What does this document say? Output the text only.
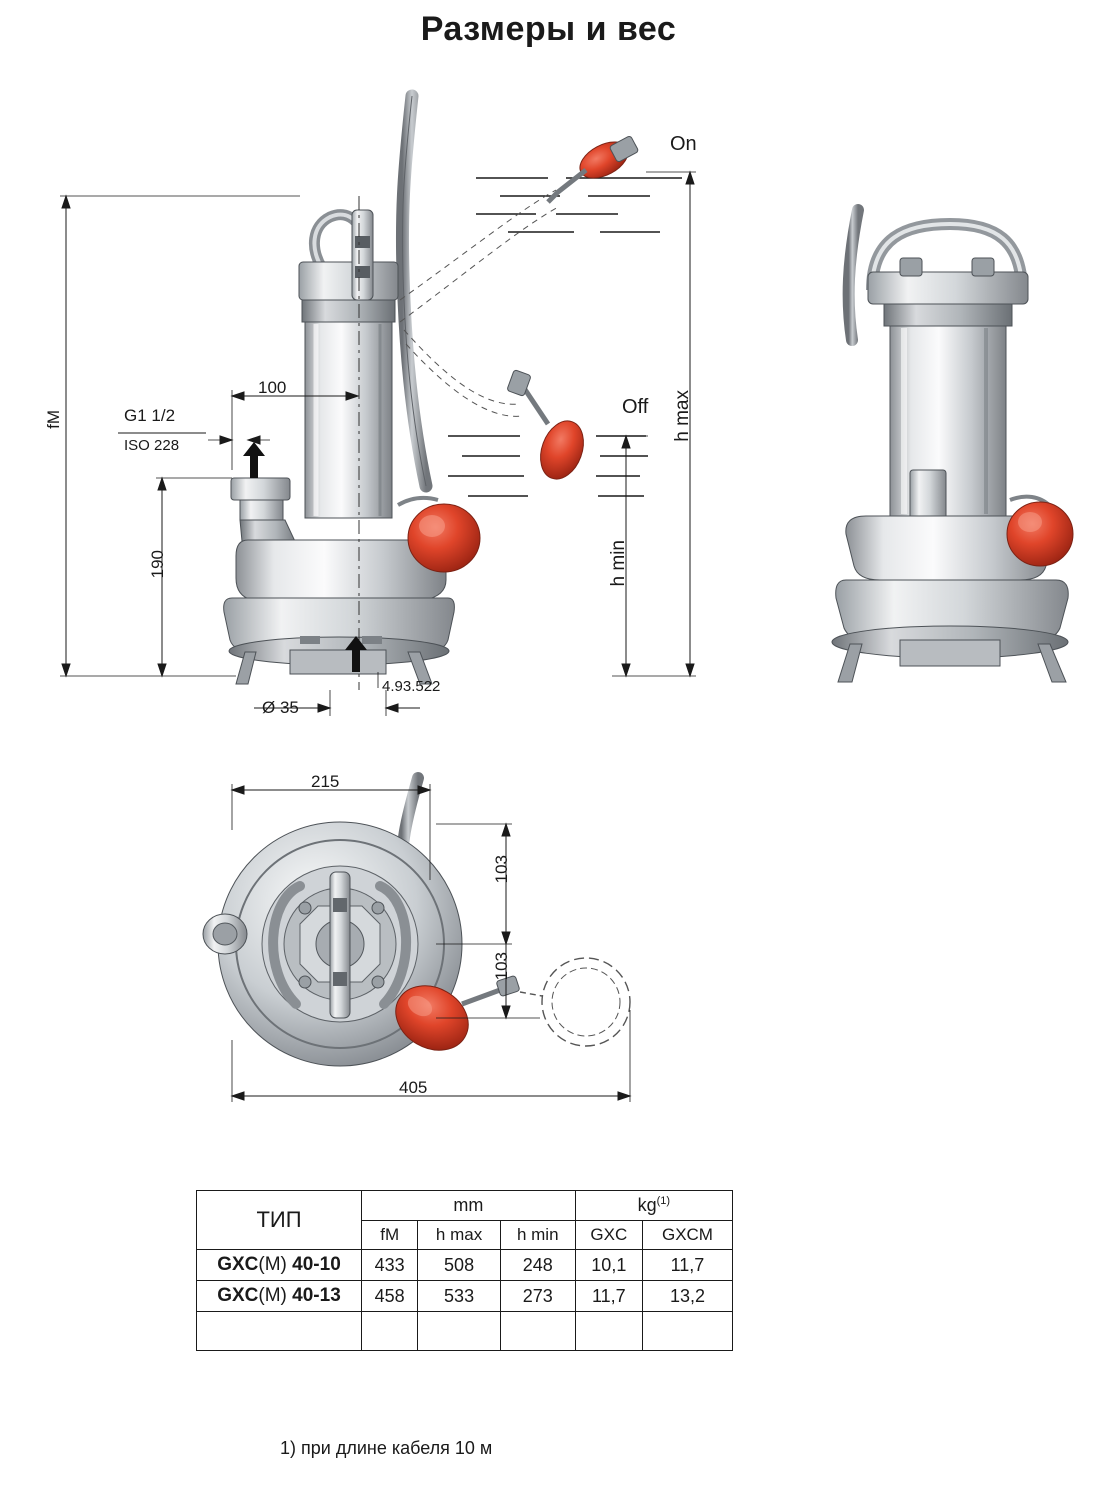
Размеры и вес
fM
190
100
G1 1/2
ISO 228
Ø 35
4.93.522
On
Off h max
h min
215
103
103
405
ТИП	mm			$kg^{(1)}$
	fM	h max	h min	GXC	GXCM
GXC(М) 40-10	433	508	248	10,1	11,7
GXC(М) 40-13	458	533	273	11,7	13,2

1) при длине кабеля 10 м
